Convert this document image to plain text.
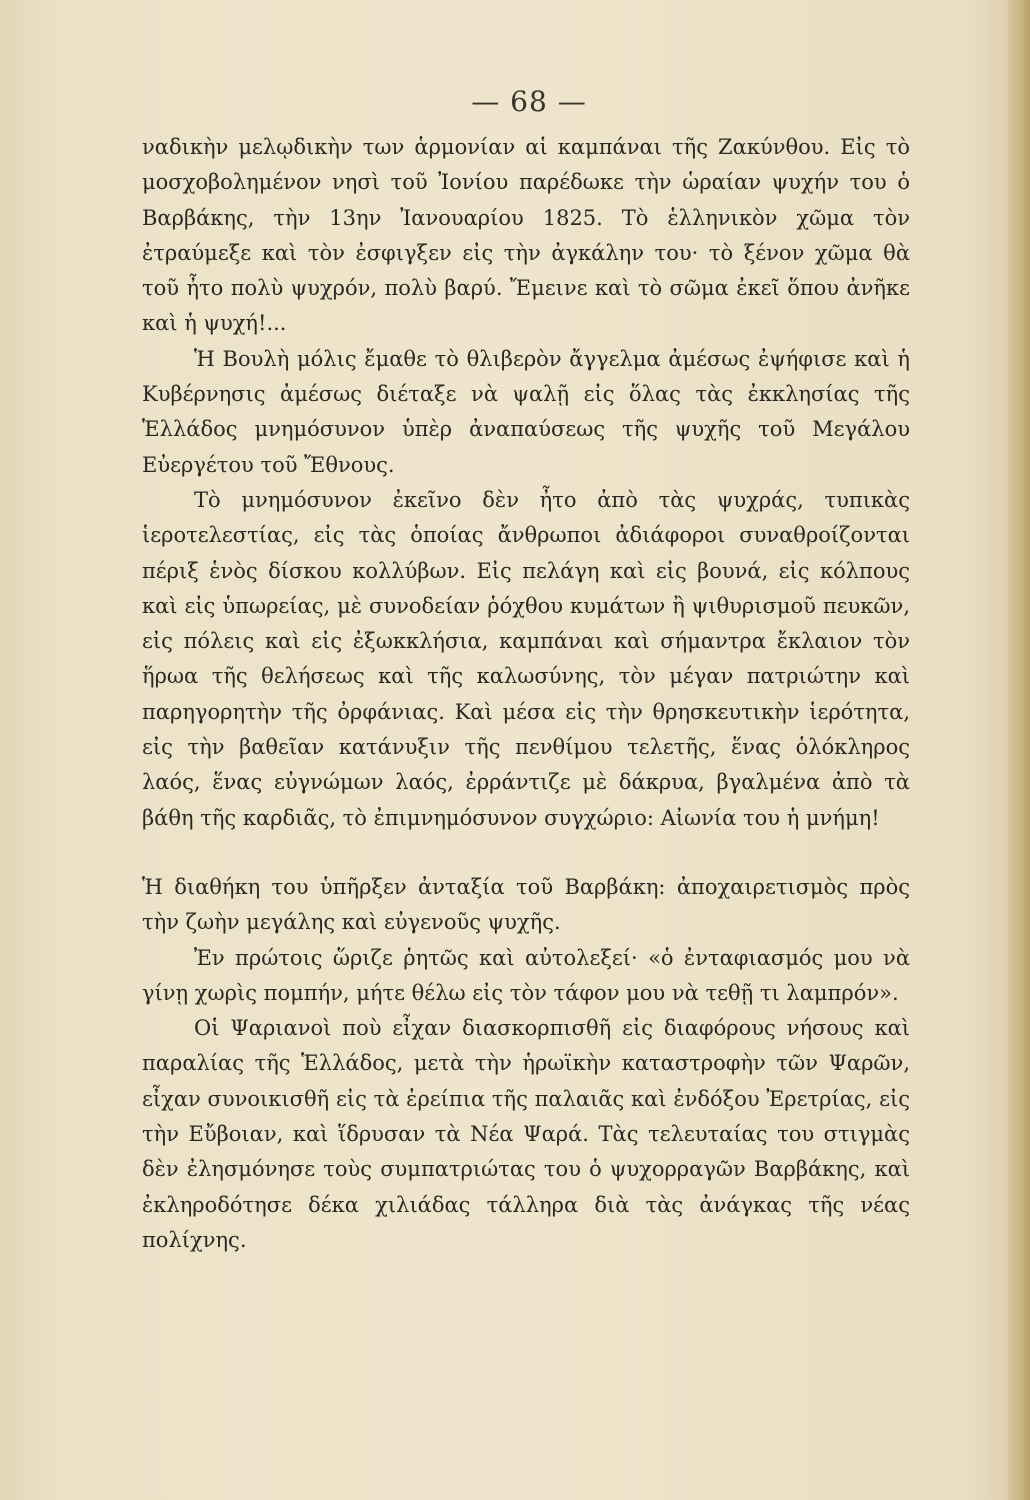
— 68 —

ναδικὴν μελῳδικὴν των ἁρμονίαν αἱ καμπάναι τῆς Ζακύνθου. Εἰς τὸ μοσχοβολημένον νησὶ τοῦ Ἰονίου παρέδωκε τὴν ὡραίαν ψυχήν του ὁ Βαρβάκης, τὴν 13ην Ἰανουαρίου 1825. Τὸ ἑλληνικὸν χῶμα τὸν ἐτραύμεξε καὶ τὸν ἐσφιγξεν εἰς τὴν ἀγκάλην του· τὸ ξένον χῶμα θὰ τοῦ ἦτο πολὺ ψυχρόν, πολὺ βαρύ. Ἔμεινε καὶ τὸ σῶμα ἐκεῖ ὅπου ἀνῆκε καὶ ἡ ψυχή!...

Ἡ Βουλὴ μόλις ἔμαθε τὸ θλιβερὸν ἄγγελμα ἀμέσως ἐψήφισε καὶ ἡ Κυβέρνησις ἀμέσως διέταξε νὰ ψαλῇ εἰς ὅλας τὰς ἐκκλησίας τῆς Ἑλλάδος μνημόσυνον ὑπὲρ ἀναπαύσεως τῆς ψυχῆς τοῦ Μεγάλου Εὐεργέτου τοῦ Ἔθνους.

Τὸ μνημόσυνον ἐκεῖνο δὲν ἦτο ἀπὸ τὰς ψυχράς, τυπικὰς ἱεροτελεστίας, εἰς τὰς ὁποίας ἄνθρωποι ἀδιάφοροι συναθροίζονται πέριξ ἑνὸς δίσκου κολλύβων. Εἰς πελάγη καὶ εἰς βουνά, εἰς κόλπους καὶ εἰς ὑπωρείας, μὲ συνοδείαν ῥόχθου κυμάτων ἢ ψιθυρισμοῦ πευκῶν, εἰς πόλεις καὶ εἰς ἐξωκκλήσια, καμπάναι καὶ σήμαντρα ἔκλαιον τὸν ἥρωα τῆς θελήσεως καὶ τῆς καλωσύνης, τὸν μέγαν πατριώτην καὶ παρηγορητὴν τῆς ὀρφάνιας. Καὶ μέσα εἰς τὴν θρησκευτικὴν ἱερότητα, εἰς τὴν βαθεῖαν κατάνυξιν τῆς πενθίμου τελετῆς, ἕνας ὁλόκληρος λαός, ἕνας εὐγνώμων λαός, ἐρράντιζε μὲ δάκρυα, βγαλμένα ἀπὸ τὰ βάθη τῆς καρδιᾶς, τὸ ἐπιμνημόσυνον συγχώριο: Αἰωνία του ἡ μνήμη!

Ἡ διαθήκη του ὑπῆρξεν ἀνταξία τοῦ Βαρβάκη: ἀποχαιρετισμὸς πρὸς τὴν ζωὴν μεγάλης καὶ εὐγενοῦς ψυχῆς.

Ἐν πρώτοις ὥριζε ῥητῶς καὶ αὐτολεξεί· «ὁ ἐνταφιασμός μου νὰ γίνῃ χωρὶς πομπήν, μήτε θέλω εἰς τὸν τάφον μου νὰ τεθῇ τι λαμπρόν».

Οἱ Ψαριανοὶ ποὺ εἶχαν διασκορπισθῆ εἰς διαφόρους νήσους καὶ παραλίας τῆς Ἑλλάδος, μετὰ τὴν ἡρωϊκὴν καταστροφὴν τῶν Ψαρῶν, εἶχαν συνοικισθῆ εἰς τὰ ἐρείπια τῆς παλαιᾶς καὶ ἐνδόξου Ἐρετρίας, εἰς τὴν Εὔβοιαν, καὶ ἵδρυσαν τὰ Νέα Ψαρά. Τὰς τελευταίας του στιγμὰς δὲν ἐλησμόνησε τοὺς συμπατριώτας του ὁ ψυχορραγῶν Βαρβάκης, καὶ ἐκληροδότησε δέκα χιλιάδας τάλληρα διὰ τὰς ἀνάγκας τῆς νέας πολίχνης.
